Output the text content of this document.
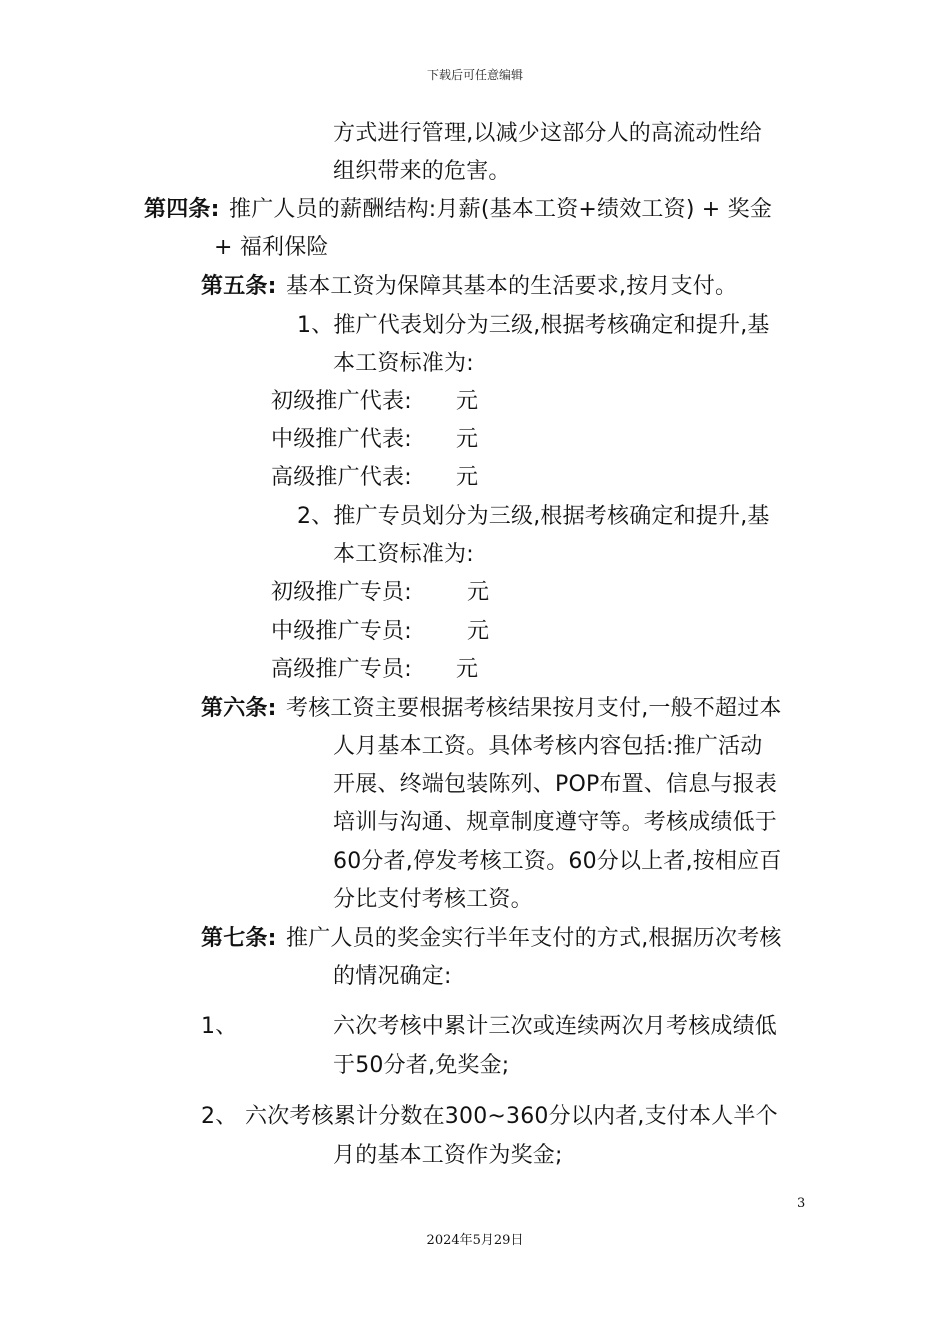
下载后可任意编辑
方式进行管理,以减少这部分人的高流动性给
组织带来的危害。
第四条: 推广人员的薪酬结构:月薪(基本工资+绩效工资) + 奖金
+ 福利保险
第五条: 基本工资为保障其基本的生活要求,按月支付。
1、推广代表划分为三级,根据考核确定和提升,基
本工资标准为:
初级推广代表: 元
中级推广代表: 元
高级推广代表: 元
2、推广专员划分为三级,根据考核确定和提升,基
本工资标准为:
初级推广专员:	元
中级推广专员:	元
高级推广专员: 元
第六条: 考核工资主要根据考核结果按月支付,一般不超过本
人月基本工资。具体考核内容包括:推广活动
开展、终端包装陈列、POP布置、信息与报表
培训与沟通、规章制度遵守等。考核成绩低于
60分者,停发考核工资。60分以上者,按相应百
分比支付考核工资。
第七条: 推广人员的奖金实行半年支付的方式,根据历次考核
的情况确定:
1、	六次考核中累计三次或连续两次月考核成绩低
于50分者,免奖金;
2、 六次考核累计分数在300~360分以内者,支付本人半个
月的基本工资作为奖金;
3
2024年5月29日
